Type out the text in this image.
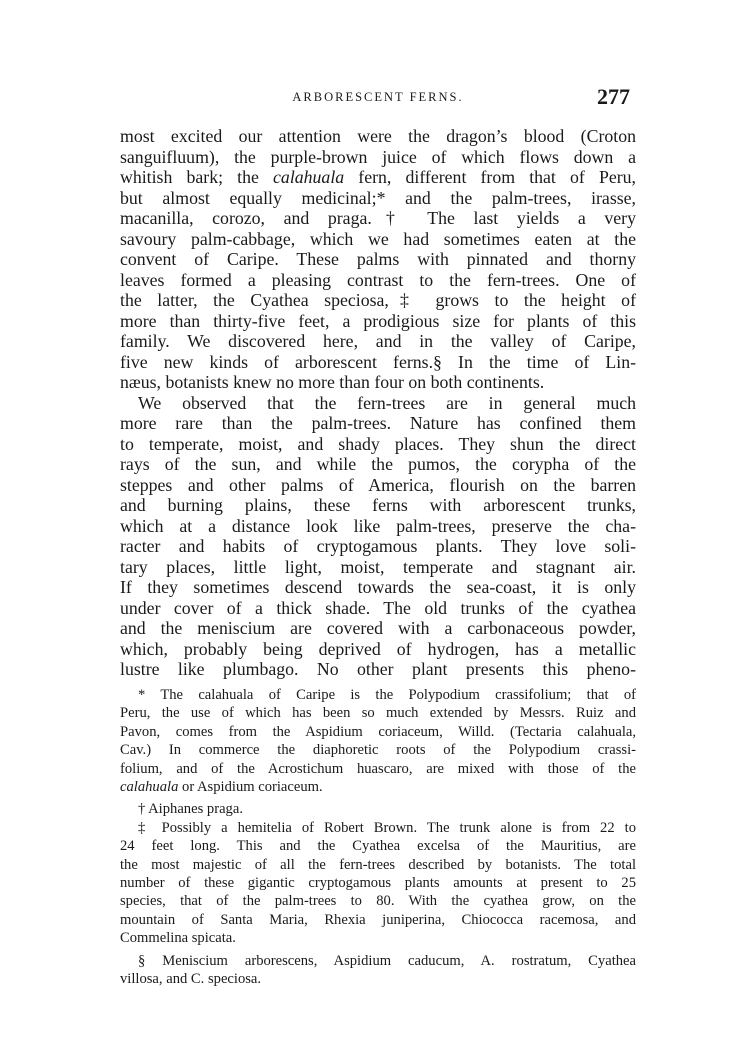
ARBORESCENT FERNS.	277
most excited our attention were the dragon’s blood (Croton
sanguifluum), the purple-brown juice of which flows down a
whitish bark; the calahuala fern, different from that of Peru,
but almost equally medicinal;* and the palm-trees, irasse,
macanilla, corozo, and praga.† The last yields a very
savoury palm-cabbage, which we had sometimes eaten at the
convent of Caripe. These palms with pinnated and thorny
leaves formed a pleasing contrast to the fern-trees. One of
the latter, the Cyathea speciosa,‡ grows to the height of
more than thirty-five feet, a prodigious size for plants of this
family. We discovered here, and in the valley of Caripe,
five new kinds of arborescent ferns.§ In the time of Lin-
næus, botanists knew no more than four on both continents.
We observed that the fern-trees are in general much
more rare than the palm-trees. Nature has confined them
to temperate, moist, and shady places. They shun the direct
rays of the sun, and while the pumos, the corypha of the
steppes and other palms of America, flourish on the barren
and burning plains, these ferns with arborescent trunks,
which at a distance look like palm-trees, preserve the cha-
racter and habits of cryptogamous plants. They love soli-
tary places, little light, moist, temperate and stagnant air.
If they sometimes descend towards the sea-coast, it is only
under cover of a thick shade. The old trunks of the cyathea
and the meniscium are covered with a carbonaceous powder,
which, probably being deprived of hydrogen, has a metallic
lustre like plumbago. No other plant presents this pheno-
* The calahuala of Caripe is the Polypodium crassifolium; that of
Peru, the use of which has been so much extended by Messrs. Ruiz and
Pavon, comes from the Aspidium coriaceum, Willd. (Tectaria calahuala,
Cav.) In commerce the diaphoretic roots of the Polypodium crassi-
folium, and of the Acrostichum huascaro, are mixed with those of the
calahuala or Aspidium coriaceum.
† Aiphanes praga.
‡ Possibly a hemitelia of Robert Brown. The trunk alone is from 22 to
24 feet long. This and the Cyathea excelsa of the Mauritius, are
the most majestic of all the fern-trees described by botanists. The total
number of these gigantic cryptogamous plants amounts at present to 25
species, that of the palm-trees to 80. With the cyathea grow, on the
mountain of Santa Maria, Rhexia juniperina, Chiococca racemosa, and
Commelina spicata.
§ Meniscium arborescens, Aspidium caducum, A. rostratum, Cyathea
villosa, and C. speciosa.
